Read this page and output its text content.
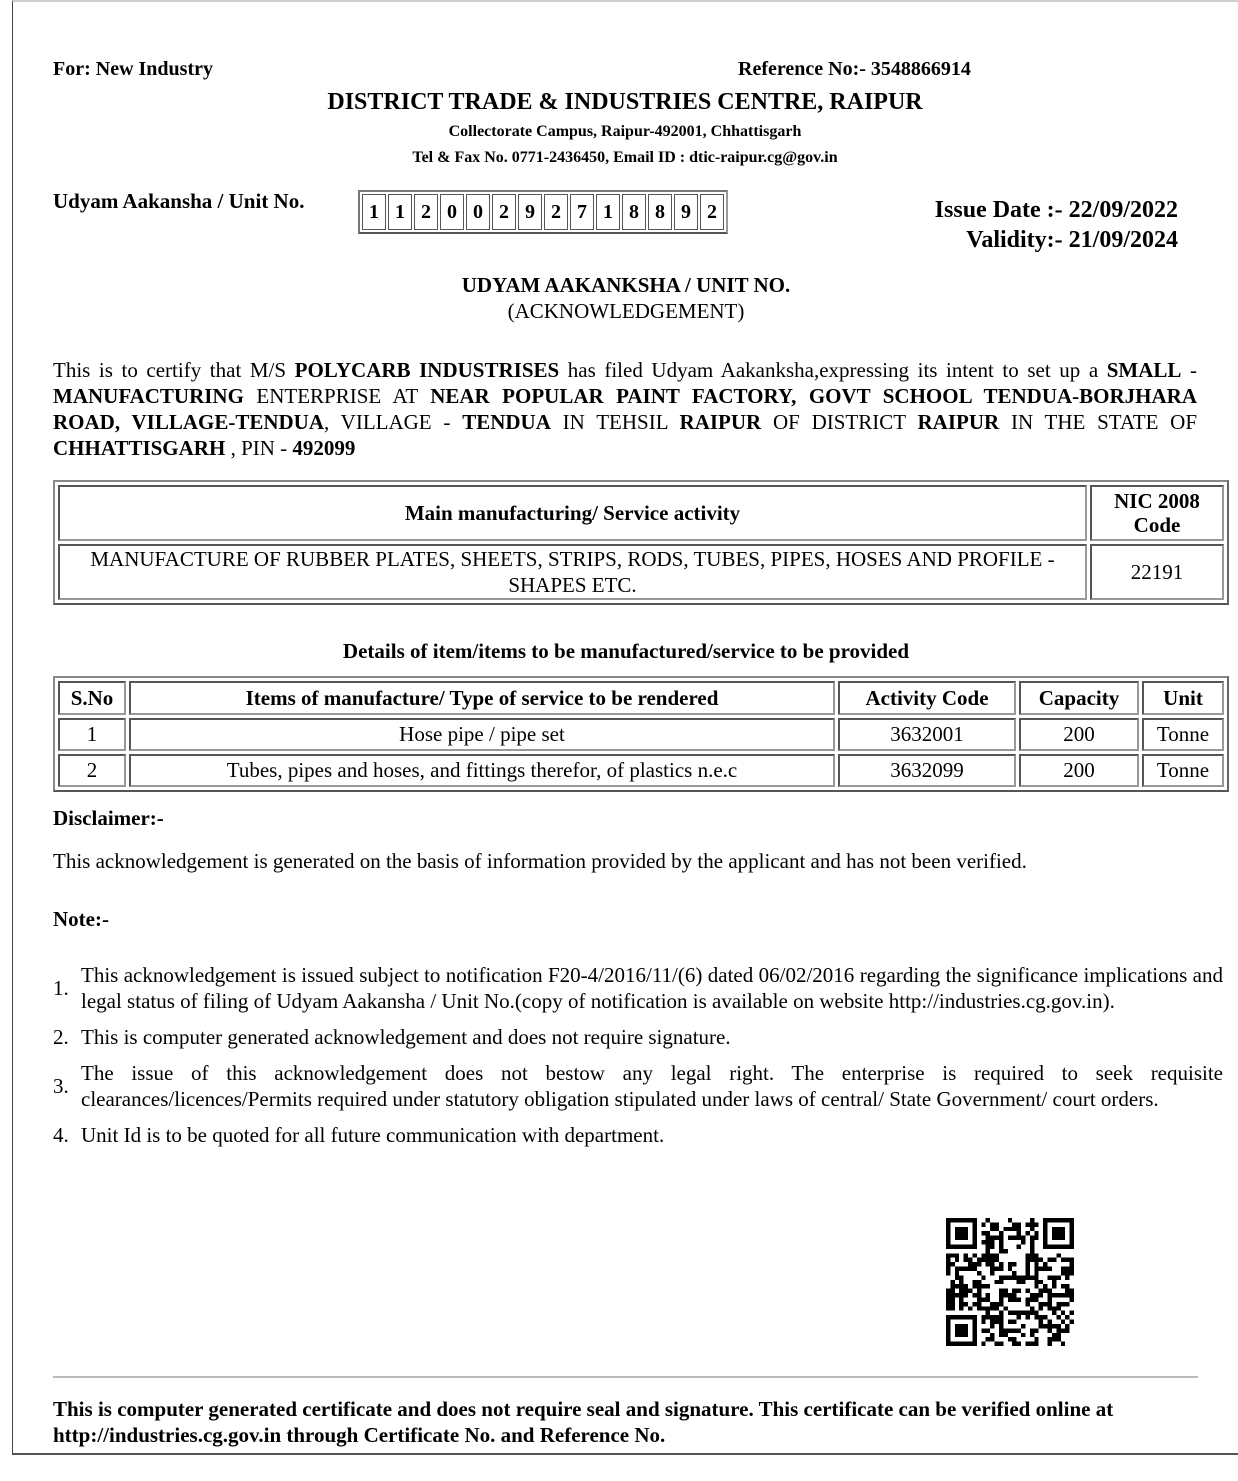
For: New Industry	Reference No:- 3548866914
DISTRICT TRADE & INDUSTRIES CENTRE, RAIPUR
Collectorate Campus, Raipur-492001, Chhattisgarh
Tel & Fax No. 0771-2436450, Email ID : dtic-raipur.cg@gov.in
Udyam Aakansha / Unit No.	1 1 2 0 0 2 9 2 7 1 8 8 9 2	Issue Date :- 22/09/2022
Validity:- 21/09/2024
UDYAM AAKANKSHA / UNIT NO.
(ACKNOWLEDGEMENT)
This is to certify that M/S POLYCARB INDUSTRISES has filed Udyam Aakanksha,expressing its intent to set up a SMALL - MANUFACTURING ENTERPRISE AT NEAR POPULAR PAINT FACTORY, GOVT SCHOOL TENDUA-BORJHARA ROAD, VILLAGE-TENDUA, VILLAGE - TENDUA IN TEHSIL RAIPUR OF DISTRICT RAIPUR IN THE STATE OF CHHATTISGARH , PIN - 492099
Main manufacturing/ Service activity	NIC 2008 Code
MANUFACTURE OF RUBBER PLATES, SHEETS, STRIPS, RODS, TUBES, PIPES, HOSES AND PROFILE -SHAPES ETC.	22191
Details of item/items to be manufactured/service to be provided
S.No	Items of manufacture/ Type of service to be rendered	Activity Code	Capacity	Unit
1	Hose pipe / pipe set	3632001	200	Tonne
2	Tubes, pipes and hoses, and fittings therefor, of plastics n.e.c	3632099	200	Tonne
Disclaimer:-
This acknowledgement is generated on the basis of information provided by the applicant and has not been verified.
Note:-
1.
This acknowledgement is issued subject to notification F20-4/2016/11/(6) dated 06/02/2016 regarding the significance implications and legal status of filing of Udyam Aakansha / Unit No.(copy of notification is available on website http://industries.cg.gov.in).
2. This is computer generated acknowledgement and does not require signature.
3.
The issue of this acknowledgement does not bestow any legal right. The enterprise is required to seek requisite clearances/licences/Permits required under statutory obligation stipulated under laws of central/ State Government/ court orders.
4. Unit Id is to be quoted for all future communication with department.
This is computer generated certificate and does not require seal and signature. This certificate can be verified online at http://industries.cg.gov.in through Certificate No. and Reference No.
